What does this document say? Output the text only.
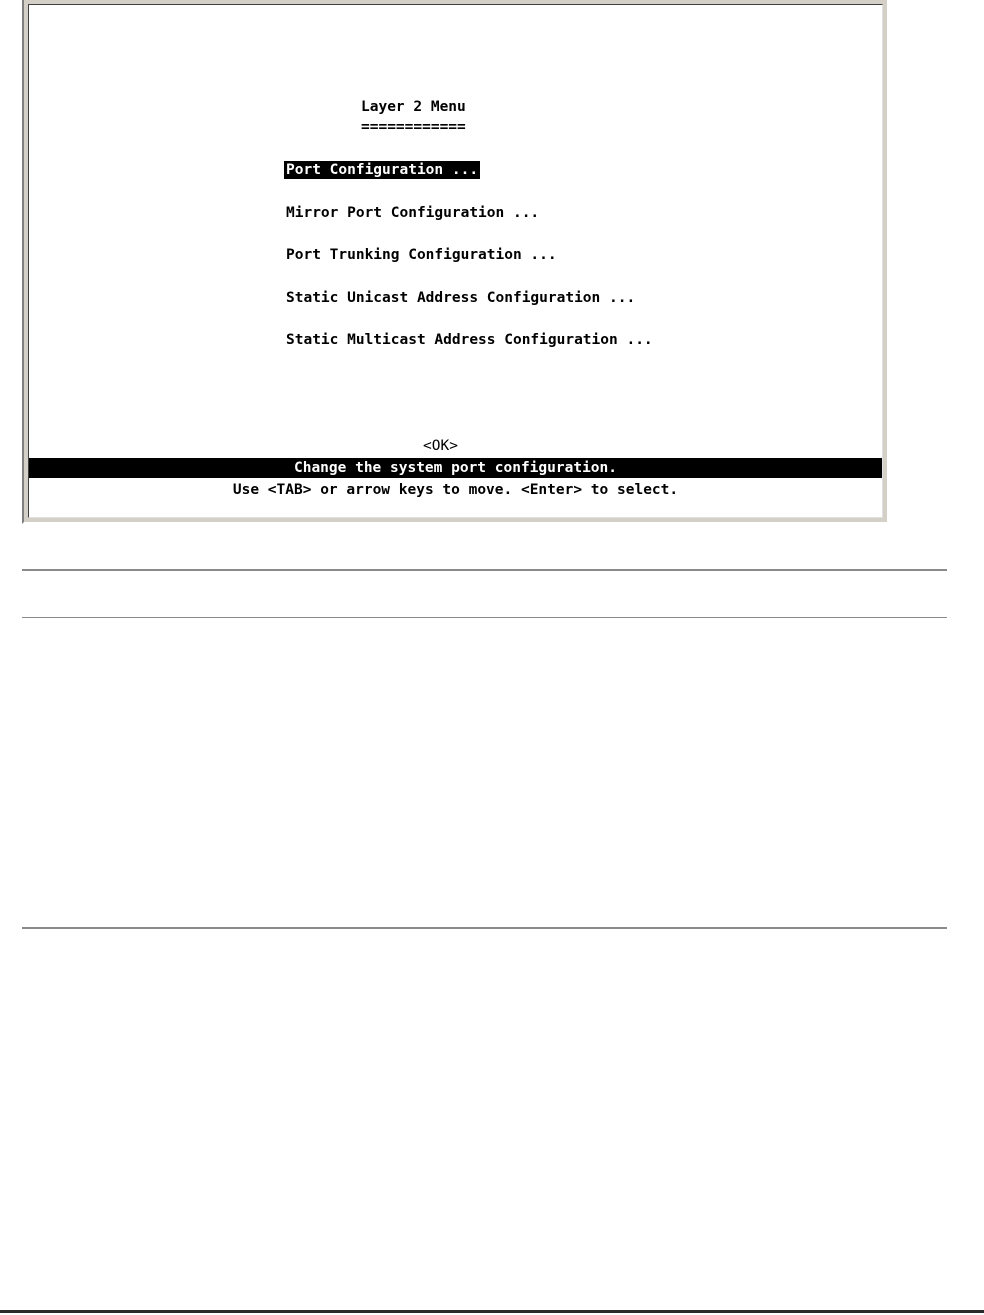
Layer 2 Menu
============
Port Configuration ...
Mirror Port Configuration ...
Port Trunking Configuration ...
Static Unicast Address Configuration ...
Static Multicast Address Configuration ...
<OK>
Change the system port configuration.
Use <TAB> or arrow keys to move. <Enter> to select.
